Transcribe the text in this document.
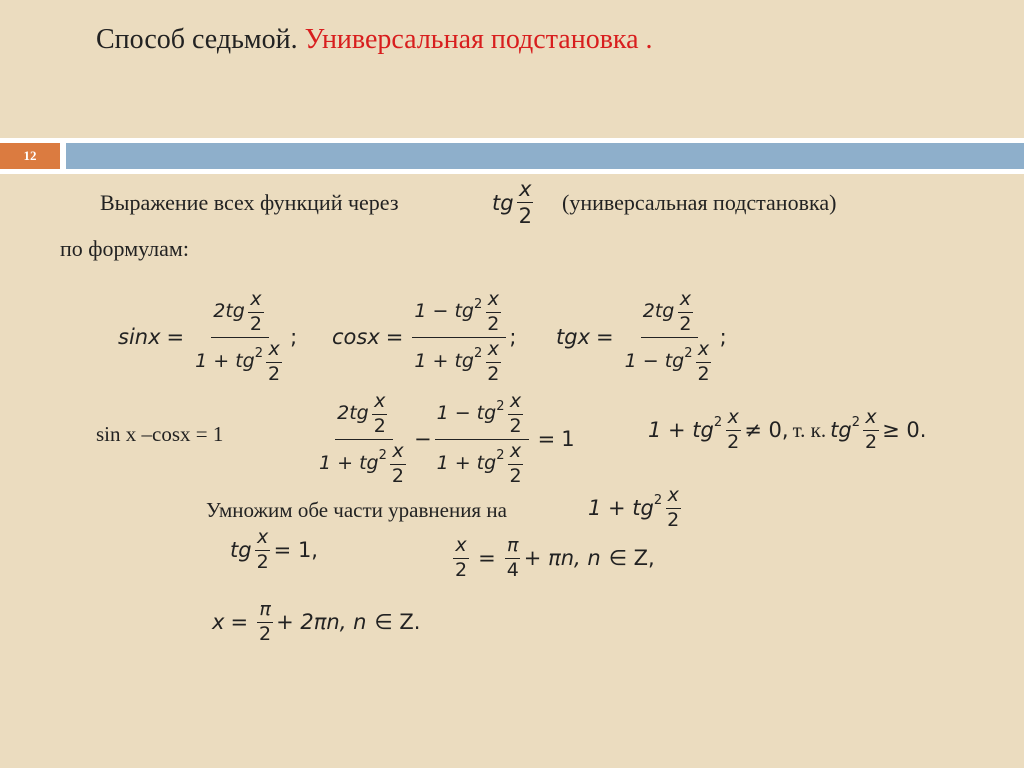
Способ седьмой. Универсальная подстановка .
12
Выражение всех функций через	tg $\frac{x}{2}$ (универсальная подстановка)
по формулам:
$\sin x = \frac{2tg \frac{x}{2}}{1 + tg^2 \frac{x}{2}}$ ; $\cos x = \frac{1 - tg^2 \frac{x}{2}}{1 + tg^2 \frac{x}{2}}$ ; tgx = $\frac{2tg \frac{x}{2}}{1 - tg^2 \frac{x}{2}}$ ;
sin x –cosx = 1	$\frac{2tg \frac{x}{2}}{1 + tg^2 \frac{x}{2}} - \frac{1 - tg^2 \frac{x}{2}}{1 + tg^2 \frac{x}{2}} = 1$	$1 + tg^2 \frac{x}{2} \ne 0$, т. к. $tg^2 \frac{x}{2} \ge 0$.
Умножим обе части уравнения на	$1 + tg^2 \frac{x}{2}$
tg $\frac{x}{2} = 1$,	$\frac{x}{2} = \frac{\pi}{4} + \pi n$, n ∈ Z,
$x = \frac{\pi}{2} + 2\pi n$, n ∈ Z.
